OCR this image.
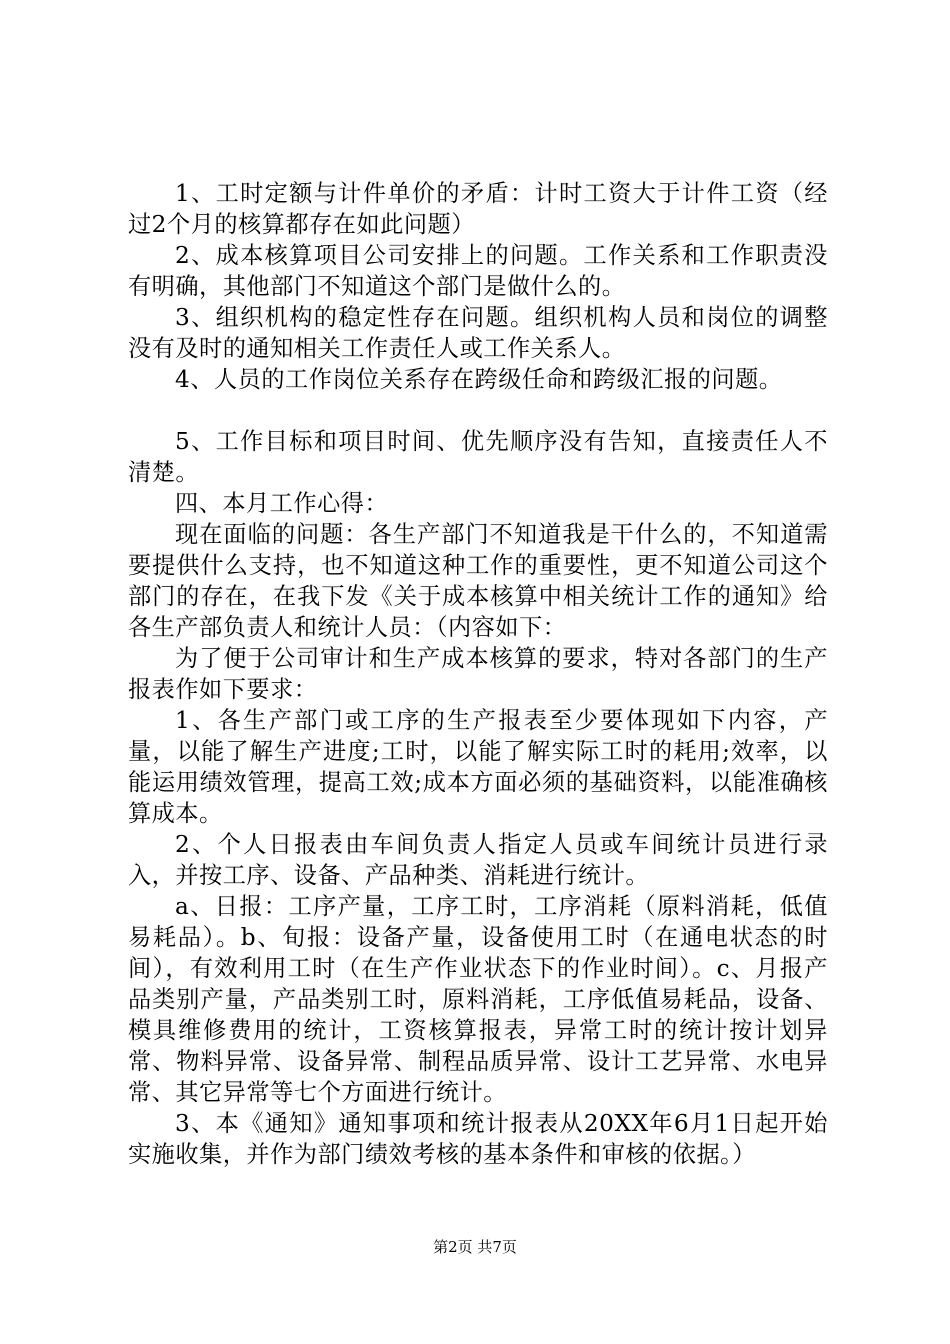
1、工时定额与计件单价的矛盾：计时工资大于计件工资（经过2个月的核算都存在如此问题）

2、成本核算项目公司安排上的问题。工作关系和工作职责没有明确，其他部门不知道这个部门是做什么的。

3、组织机构的稳定性存在问题。组织机构人员和岗位的调整没有及时的通知相关工作责任人或工作关系人。

4、人员的工作岗位关系存在跨级任命和跨级汇报的问题。

5、工作目标和项目时间、优先顺序没有告知，直接责任人不清楚。

四、本月工作心得：

现在面临的问题：各生产部门不知道我是干什么的，不知道需要提供什么支持，也不知道这种工作的重要性，更不知道公司这个部门的存在，在我下发《关于成本核算中相关统计工作的通知》给各生产部负责人和统计人员：（内容如下：

为了便于公司审计和生产成本核算的要求，特对各部门的生产报表作如下要求：

1、各生产部门或工序的生产报表至少要体现如下内容，产量，以能了解生产进度;工时，以能了解实际工时的耗用;效率，以能运用绩效管理，提高工效;成本方面必须的基础资料，以能准确核算成本。

2、个人日报表由车间负责人指定人员或车间统计员进行录入，并按工序、设备、产品种类、消耗进行统计。

a、日报：工序产量，工序工时，工序消耗（原料消耗，低值易耗品）。b、旬报：设备产量，设备使用工时（在通电状态的时间），有效利用工时（在生产作业状态下的作业时间）。c、月报产品类别产量，产品类别工时，原料消耗，工序低值易耗品，设备、模具维修费用的统计，工资核算报表，异常工时的统计按计划异常、物料异常、设备异常、制程品质异常、设计工艺异常、水电异常、其它异常等七个方面进行统计。

3、本《通知》通知事项和统计报表从20XX年6月1日起开始实施收集，并作为部门绩效考核的基本条件和审核的依据。）

第2页 共7页
